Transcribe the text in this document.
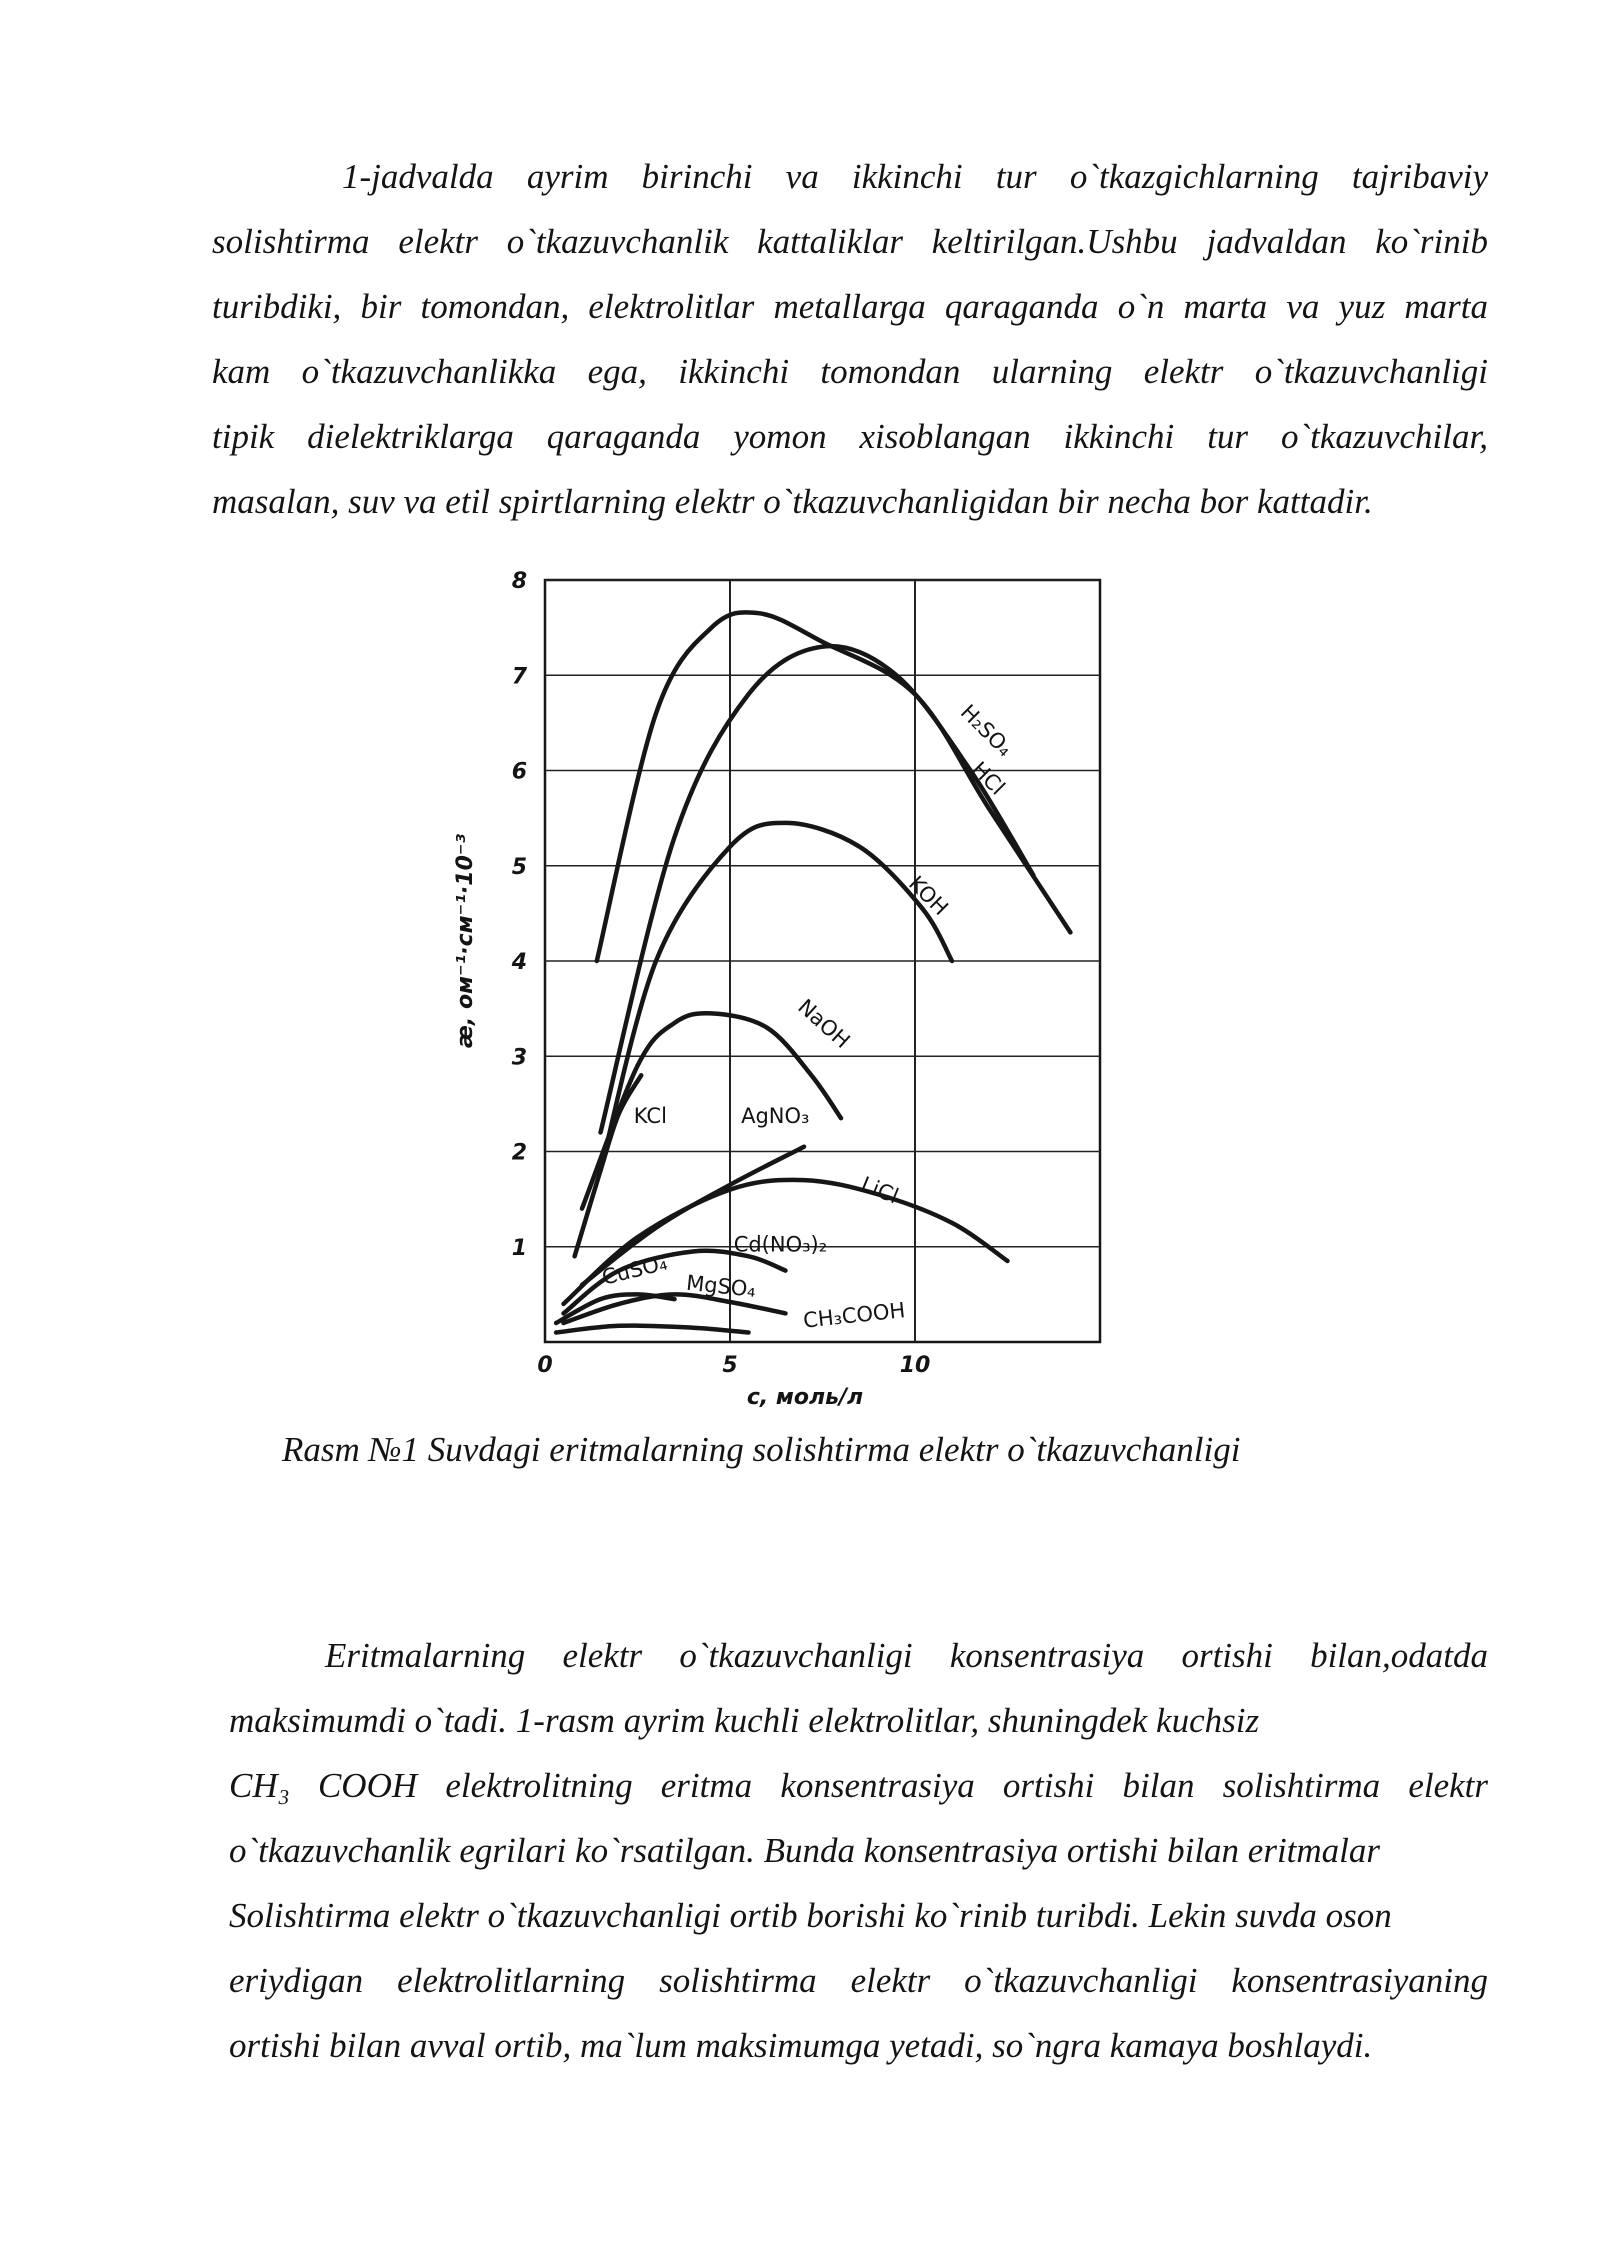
1-jadvalda ayrim birinchi va ikkinchi tur o`tkazgichlarning tajribaviy
solishtirma elektr o`tkazuvchanlik kattaliklar keltirilgan.Ushbu jadvaldan ko`rinib
turibdiki, bir tomondan, elektrolitlar metallarga qaraganda o`n marta va yuz marta
kam o`tkazuvchanlikka ega, ikkinchi tomondan ularning elektr o`tkazuvchanligi
tipik dielektriklarga qaraganda yomon xisoblangan ikkinchi tur o`tkazuvchilar,
masalan, suv va etil spirtlarning elektr o`tkazuvchanligidan bir necha bor kattadir.
1
2
3
4
5
6
7
8
0	5	10
c, моль/л
æ, ом⁻¹·см⁻¹·10⁻³
H₂SO₄
HCl
KOH
NaOH
KCl	AgNO₃
LiCl
Cd(NO₃)₂
CuSO₄ MgSO₄
CH₃COOH
Rasm №1 Suvdagi eritmalarning solishtirma elektr o`tkazuvchanligi
Eritmalarning elektr o`tkazuvchanligi konsentrasiya ortishi bilan,odatda
maksimumdi o`tadi. 1-rasm ayrim kuchli elektrolitlar, shuningdek kuchsiz
CH₃ COOH elektrolitning eritma konsentrasiya ortishi bilan solishtirma elektr
o`tkazuvchanlik egrilari ko`rsatilgan. Bunda konsentrasiya ortishi bilan eritmalar
Solishtirma elektr o`tkazuvchanligi ortib borishi ko`rinib turibdi. Lekin suvda oson
eriydigan elektrolitlarning solishtirma elektr o`tkazuvchanligi konsentrasiyaning
ortishi bilan avval ortib, ma`lum maksimumga yetadi, so`ngra kamaya boshlaydi.
